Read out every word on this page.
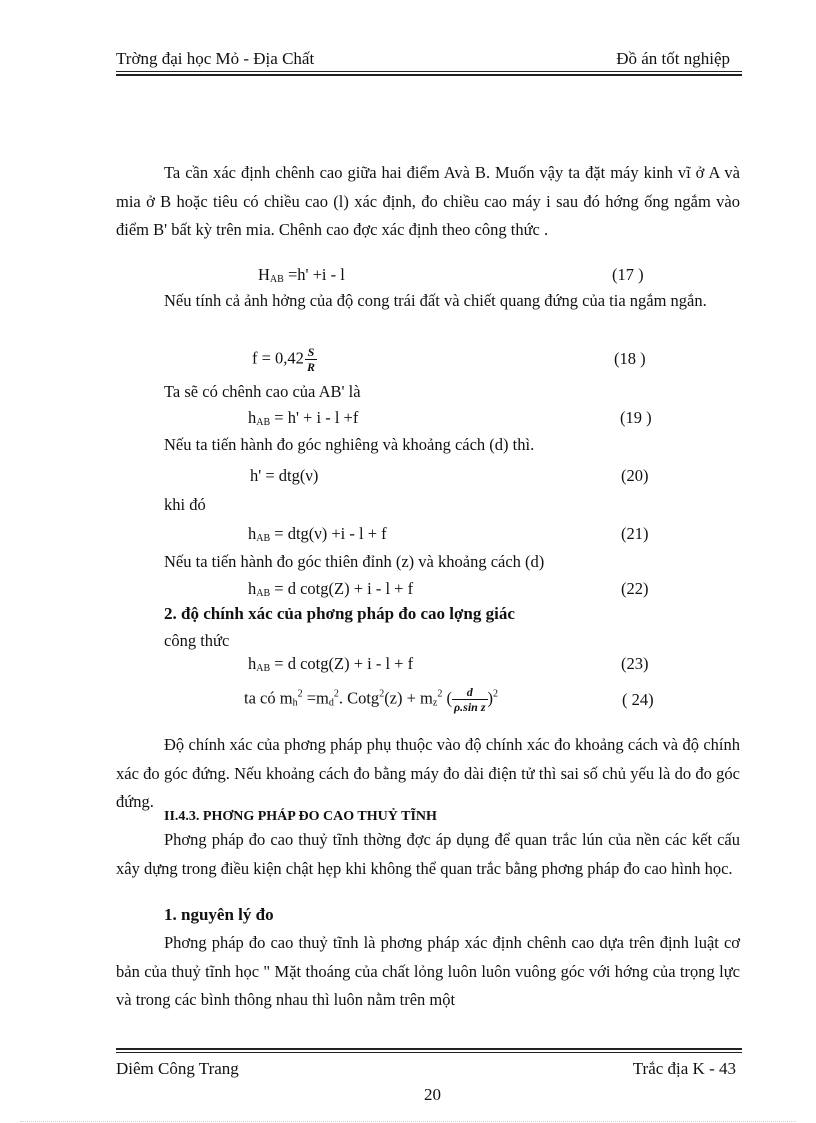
Trờng đại học Mỏ - Địa Chất	Đồ án tốt nghiệp
Ta cần xác định chênh cao giữa hai điểm Avà B. Muốn vậy ta đặt máy kinh vĩ ở A và mia ở B hoặc tiêu có chiều cao (l) xác định, đo chiều cao máy i sau đó hớng ống ngắm vào điểm B' bất kỳ trên mia. Chênh cao đợc xác định theo công thức .
$H_{AB} =h' +i - l$	(17 )
Nếu tính cả ảnh hởng của độ cong trái đất và chiết quang đứng của tia ngắm ngắn.
$f = 0,42 \frac{S}{R}$	(18 )
Ta sẽ có chênh cao của AB' là
$h_{AB} = h' + i - l +f$	(19 )
Nếu ta tiến hành đo góc nghiêng và khoảng cách (d) thì.
h' = dtg(ν)	(20)
khi đó
$h_{AB} = dtg(\nu) +i - l + f$	(21)
Nếu ta tiến hành đo góc thiên đỉnh (z) và khoảng cách (d)
$h_{AB} = d$ cotg(Z) + i - l + f	(22)
2. độ chính xác của phơng pháp đo cao lợng giác
công thức
$h_{AB} = d$ cotg(Z) + i - l + f	(23)
ta có $m_h^2 =m_d^2$. Cotg$^2$(z) + $m_z^2$ ( $\frac{d}{\text{ρ.sin z}} )^2$	( 24)
Độ chính xác của phơng pháp phụ thuộc vào độ chính xác đo khoảng cách và độ chính xác đo góc đứng. Nếu khoảng cách đo bằng máy đo dài điện tử thì sai số chủ yếu là do đo góc đứng.
II.4.3. PHƠNG PHÁP ĐO CAO THUỶ TĨNH
Phơng pháp đo cao thuỷ tĩnh thờng đợc áp dụng để quan trắc lún của nền các kết cấu xây dựng trong điều kiện chật hẹp khi không thể quan trắc bằng phơng pháp đo cao hình học.
1. nguyên lý đo
Phơng pháp đo cao thuỷ tĩnh là phơng pháp xác định chênh cao dựa trên định luật cơ bản của thuỷ tĩnh học " Mặt thoáng của chất lỏng luôn luôn vuông góc với hớng của trọng lực và trong các bình thông nhau thì luôn nằm trên một
Diêm Công Trang	Trắc địa K - 43
20
